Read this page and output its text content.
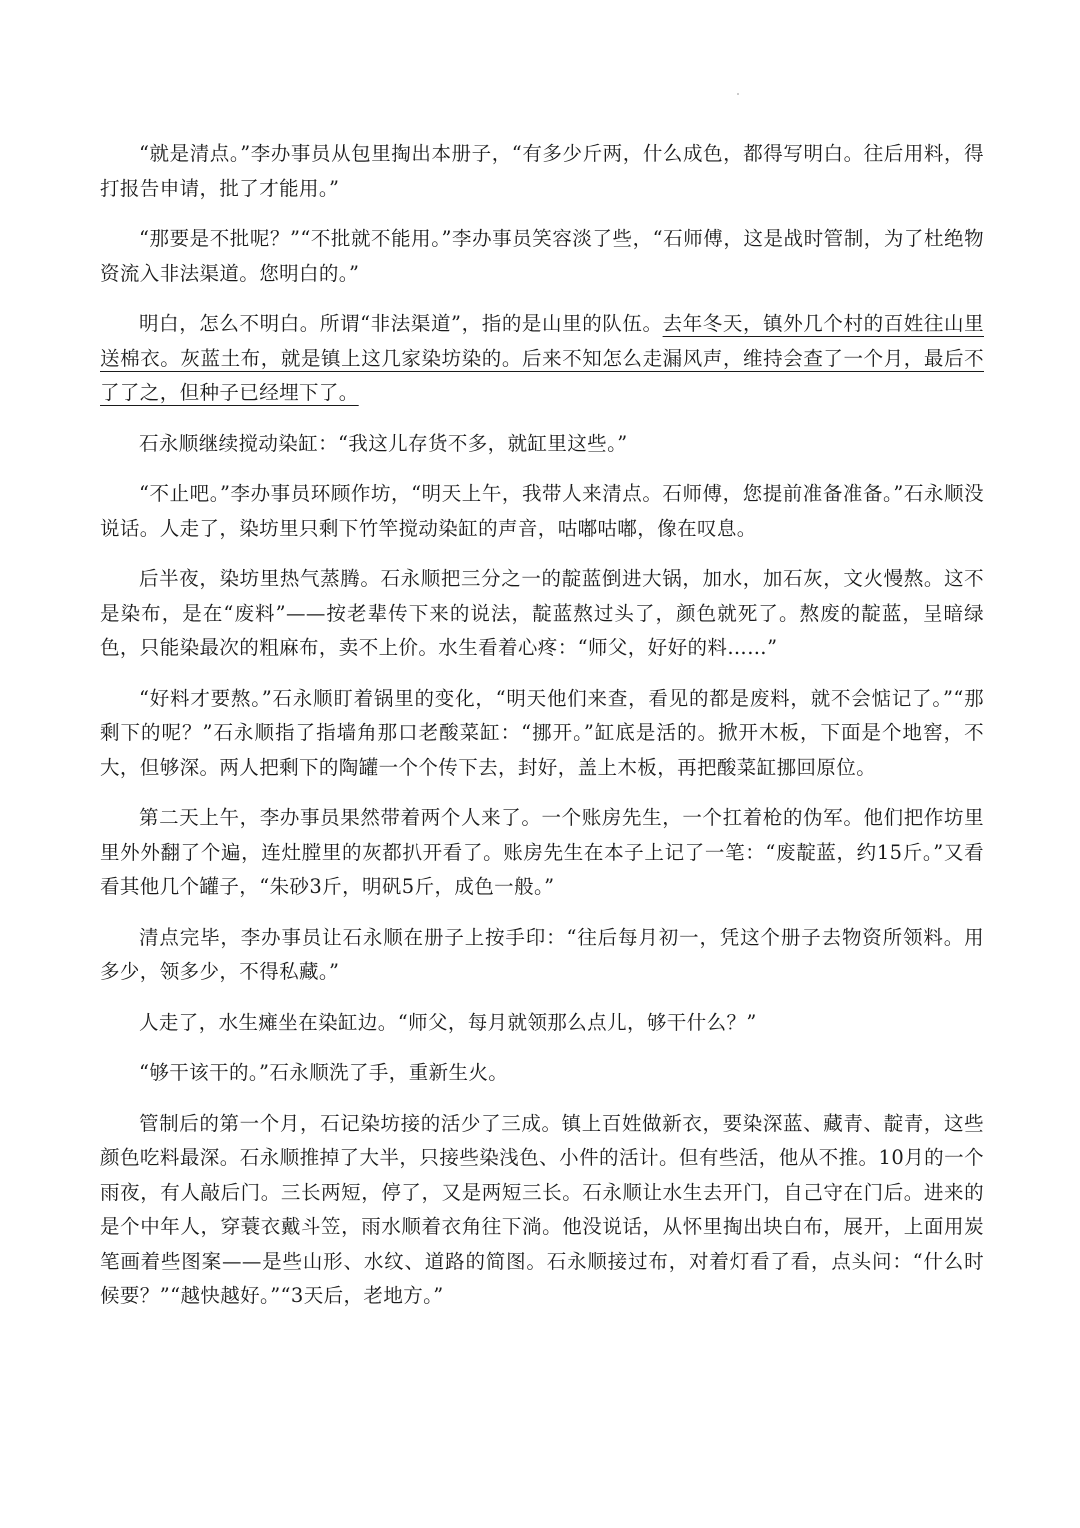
“就是清点。”李办事员从包里掏出本册子，“有多少斤两，什么成色，都得写明白。往后用料，得打报告申请，批了才能用。”

“那要是不批呢？”“不批就不能用。”李办事员笑容淡了些，“石师傅，这是战时管制，为了杜绝物资流入非法渠道。您明白的。”

明白，怎么不明白。所谓“非法渠道”，指的是山里的队伍。去年冬天，镇外几个村的百姓往山里送棉衣。灰蓝土布，就是镇上这几家染坊染的。后来不知怎么走漏风声，维持会查了一个月，最后不了了之，但种子已经埋下了。

石永顺继续搅动染缸：“我这儿存货不多，就缸里这些。”

“不止吧。”李办事员环顾作坊，“明天上午，我带人来清点。石师傅，您提前准备准备。”石永顺没说话。人走了，染坊里只剩下竹竿搅动染缸的声音，咕嘟咕嘟，像在叹息。

后半夜，染坊里热气蒸腾。石永顺把三分之一的靛蓝倒进大锅，加水，加石灰，文火慢熬。这不是染布，是在“废料”——按老辈传下来的说法，靛蓝熬过头了，颜色就死了。熬废的靛蓝，呈暗绿色，只能染最次的粗麻布，卖不上价。水生看着心疼：“师父，好好的料……”

“好料才要熬。”石永顺盯着锅里的变化，“明天他们来查，看见的都是废料，就不会惦记了。”“那剩下的呢？”石永顺指了指墙角那口老酸菜缸：“挪开。”缸底是活的。掀开木板，下面是个地窖，不大，但够深。两人把剩下的陶罐一个个传下去，封好，盖上木板，再把酸菜缸挪回原位。

第二天上午，李办事员果然带着两个人来了。一个账房先生，一个扛着枪的伪军。他们把作坊里里外外翻了个遍，连灶膛里的灰都扒开看了。账房先生在本子上记了一笔：“废靛蓝，约15斤。”又看看其他几个罐子，“朱砂3斤，明矾5斤，成色一般。”

清点完毕，李办事员让石永顺在册子上按手印：“往后每月初一，凭这个册子去物资所领料。用多少，领多少，不得私藏。”

人走了，水生瘫坐在染缸边。“师父，每月就领那么点儿，够干什么？”

“够干该干的。”石永顺洗了手，重新生火。

管制后的第一个月，石记染坊接的活少了三成。镇上百姓做新衣，要染深蓝、藏青、靛青，这些颜色吃料最深。石永顺推掉了大半，只接些染浅色、小件的活计。但有些活，他从不推。10月的一个雨夜，有人敲后门。三长两短，停了，又是两短三长。石永顺让水生去开门，自己守在门后。进来的是个中年人，穿蓑衣戴斗笠，雨水顺着衣角往下淌。他没说话，从怀里掏出块白布，展开，上面用炭笔画着些图案——是些山形、水纹、道路的简图。石永顺接过布，对着灯看了看，点头问：“什么时候要？”“越快越好。”“3天后，老地方。”
